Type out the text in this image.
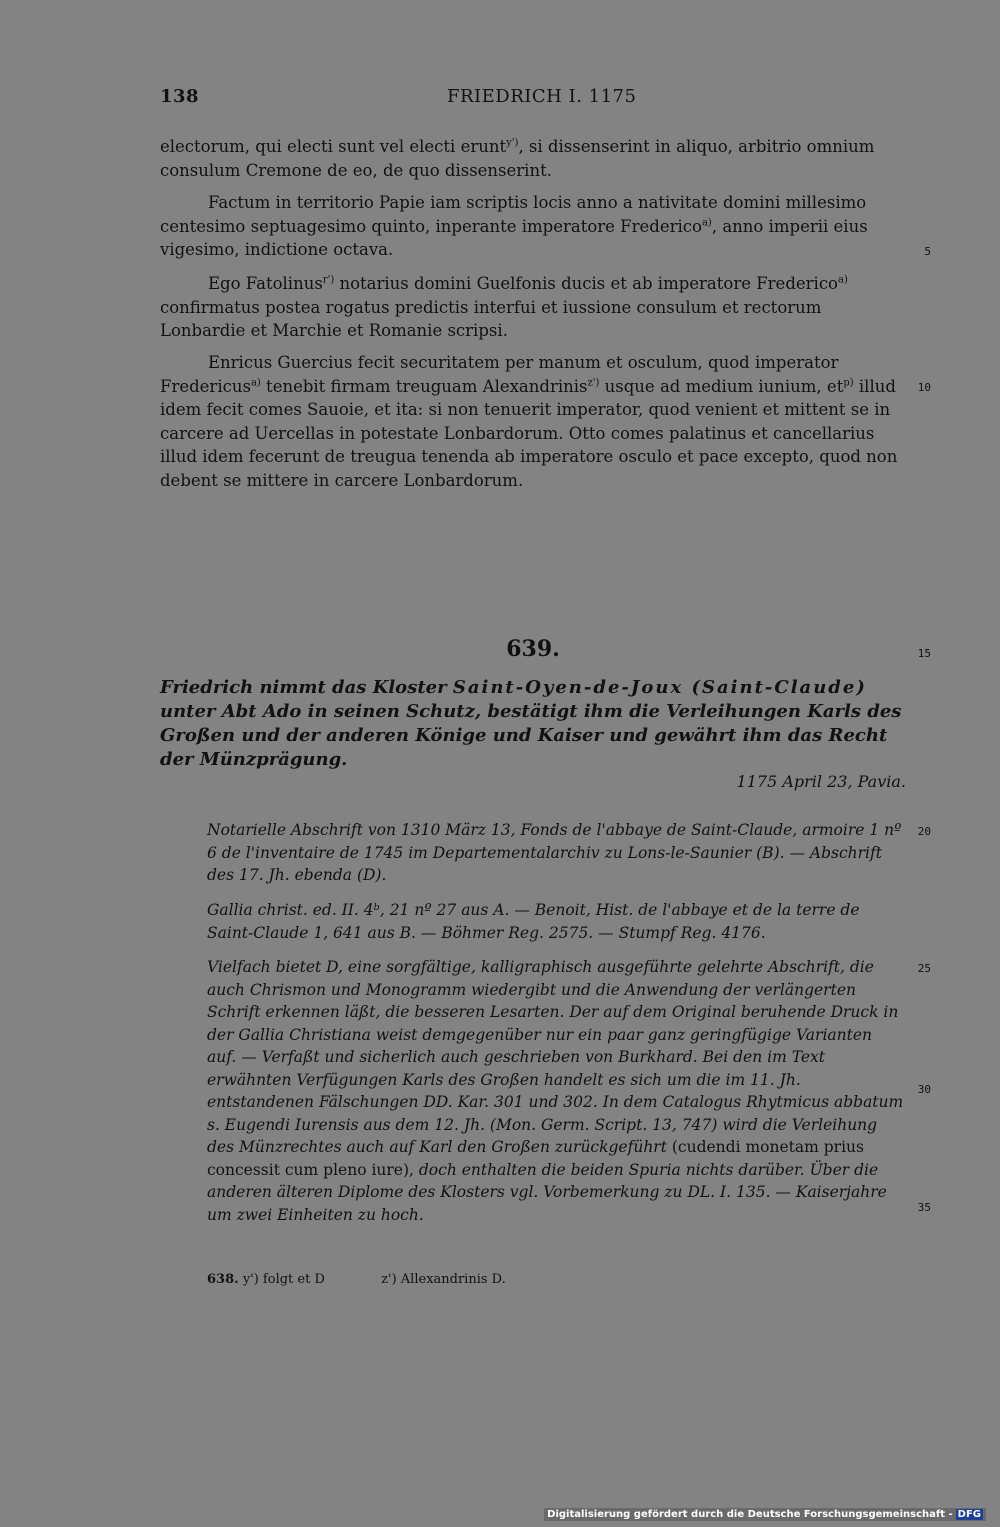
138	FRIEDRICH I. 1175

electorum, qui electi sunt vel electi erunt$^{y')}$, si dissenserint in aliquo, arbitrio omnium consulum Cremone de eo, de quo dissenserint.

Factum in territorio Papie iam scriptis locis anno a nativitate domini millesimo centesimo septuagesimo quinto, inperante imperatore Frederico$^{a)}$, anno imperii eius vigesimo, indictione octava.

Ego Fatolinus$^{r')}$ notarius domini Guelfonis ducis et ab imperatore Frederico$^{a)}$ confirmatus postea rogatus predictis interfui et iussione consulum et rectorum Lonbardie et Marchie et Romanie scripsi.

Enricus Guercius fecit securitatem per manum et osculum, quod imperator Fredericus$^{a)}$ tenebit firmam treuguam Alexandrinis$^{z')}$ usque ad medium iunium, $et^{p)}$ illud idem fecit comes Sauoie, et ita: si non tenuerit imperator, quod venient et mittent se in carcere ad Uercellas in potestate Lonbardorum. Otto comes palatinus et cancellarius illud idem fecerunt de treugua tenenda ab imperatore osculo et pace excepto, quod non debent se mittere in carcere Lonbardorum.

5
10
15
20
25
30
35
639.

Friedrich nimmt das Kloster Saint-Oyen-de-Joux (Saint-Claude) unter Abt Ado in seinen Schutz, bestätigt ihm die Verleihungen Karls des Großen und der anderen Könige und Kaiser und gewährt ihm das Recht der Münzprägung.

1175 April 23, Pavia.

Notarielle Abschrift von 1310 März 13, Fonds de l'abbaye de Saint-Claude, armoire 1 nº 6 de l'inventaire de 1745 im Departementalarchiv zu Lons-le-Saunier (B). — Abschrift des 17. Jh. ebenda (D).

Gallia christ. ed. II. 4ᵇ, 21 nº 27 aus A. — Benoit, Hist. de l'abbaye et de la terre de Saint-Claude 1, 641 aus B. — Böhmer Reg. 2575. — Stumpf Reg. 4176.

Vielfach bietet D, eine sorgfältige, kalligraphisch ausgeführte gelehrte Abschrift, die auch Chrismon und Monogramm wiedergibt und die Anwendung der verlängerten Schrift erkennen läßt, die besseren Lesarten. Der auf dem Original beruhende Druck in der Gallia Christiana weist demgegenüber nur ein paar ganz geringfügige Varianten auf. — Verfaßt und sicherlich auch geschrieben von Burkhard. Bei den im Text erwähnten Verfügungen Karls des Großen handelt es sich um die im 11. Jh. entstandenen Fälschungen DD. Kar. 301 und 302. In dem Catalogus Rhytmicus abbatum s. Eugendi Iurensis aus dem 12. Jh. (Mon. Germ. Script. 13, 747) wird die Verleihung des Münzrechtes auch auf Karl den Großen zurückgeführt (cudendi monetam prius concessit cum pleno iure), doch enthalten die beiden Spuria nichts darüber. Über die anderen älteren Diplome des Klosters vgl. Vorbemerkung zu DL. I. 135. — Kaiserjahre um zwei Einheiten zu hoch.

638. y') folgt et D	z') Allexandrinis D.
Digitalisierung gefördert durch die Deutsche Forschungsgemeinschaft - DFG
